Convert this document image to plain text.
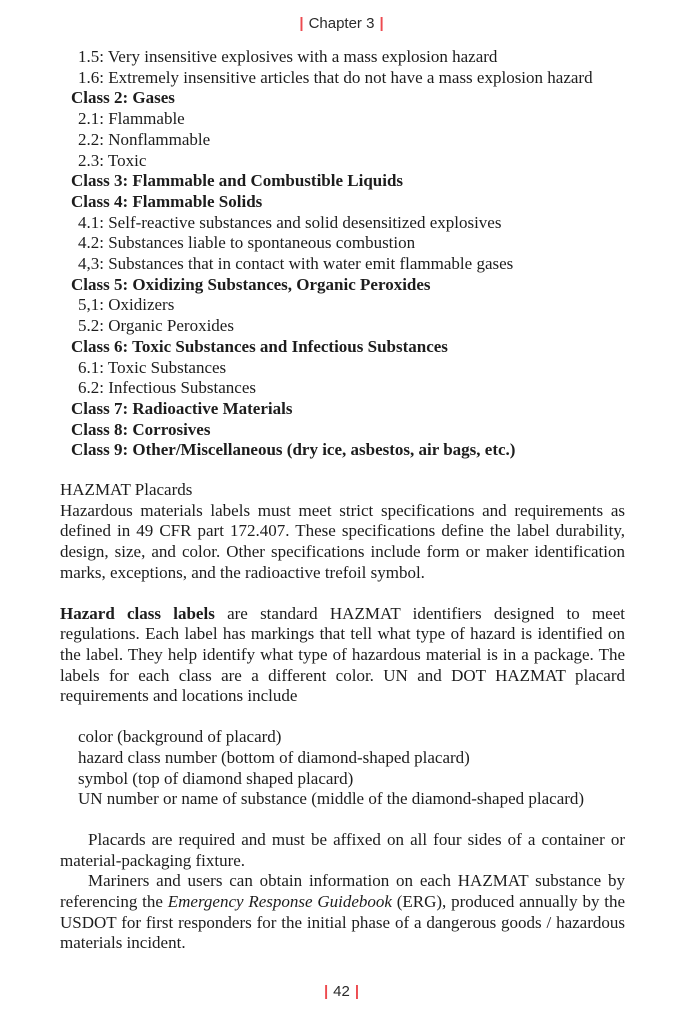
| Chapter 3 |
1.5: Very insensitive explosives with a mass explosion hazard
1.6: Extremely insensitive articles that do not have a mass explosion hazard
Class 2: Gases
2.1: Flammable
2.2: Nonflammable
2.3: Toxic
Class 3: Flammable and Combustible Liquids
Class 4: Flammable Solids
4.1: Self-reactive substances and solid desensitized explosives
4.2: Substances liable to spontaneous combustion
4,3: Substances that in contact with water emit flammable gases
Class 5: Oxidizing Substances, Organic Peroxides
5,1: Oxidizers
5.2: Organic Peroxides
Class 6: Toxic Substances and Infectious Substances
6.1: Toxic Substances
6.2: Infectious Substances
Class 7: Radioactive Materials
Class 8: Corrosives
Class 9: Other/Miscellaneous (dry ice, asbestos, air bags, etc.)
HAZMAT Placards

Hazardous materials labels must meet strict specifications and requirements as defined in 49 CFR part 172.407. These specifications define the label durability, design, size, and color. Other specifications include form or maker identification marks, exceptions, and the radioactive trefoil symbol.

Hazard class labels are standard HAZMAT identifiers designed to meet regulations. Each label has markings that tell what type of hazard is identified on the label. They help identify what type of hazardous material is in a package. The labels for each class are a different color. UN and DOT HAZMAT placard requirements and locations include

color (background of placard)
hazard class number (bottom of diamond-shaped placard)
symbol (top of diamond shaped placard)
UN number or name of substance (middle of the diamond-shaped placard)

Placards are required and must be affixed on all four sides of a container or material-packaging fixture.

Mariners and users can obtain information on each HAZMAT substance by referencing the Emergency Response Guidebook (ERG), produced annually by the USDOT for first responders for the initial phase of a dangerous goods / hazardous materials incident.

| 42 |
